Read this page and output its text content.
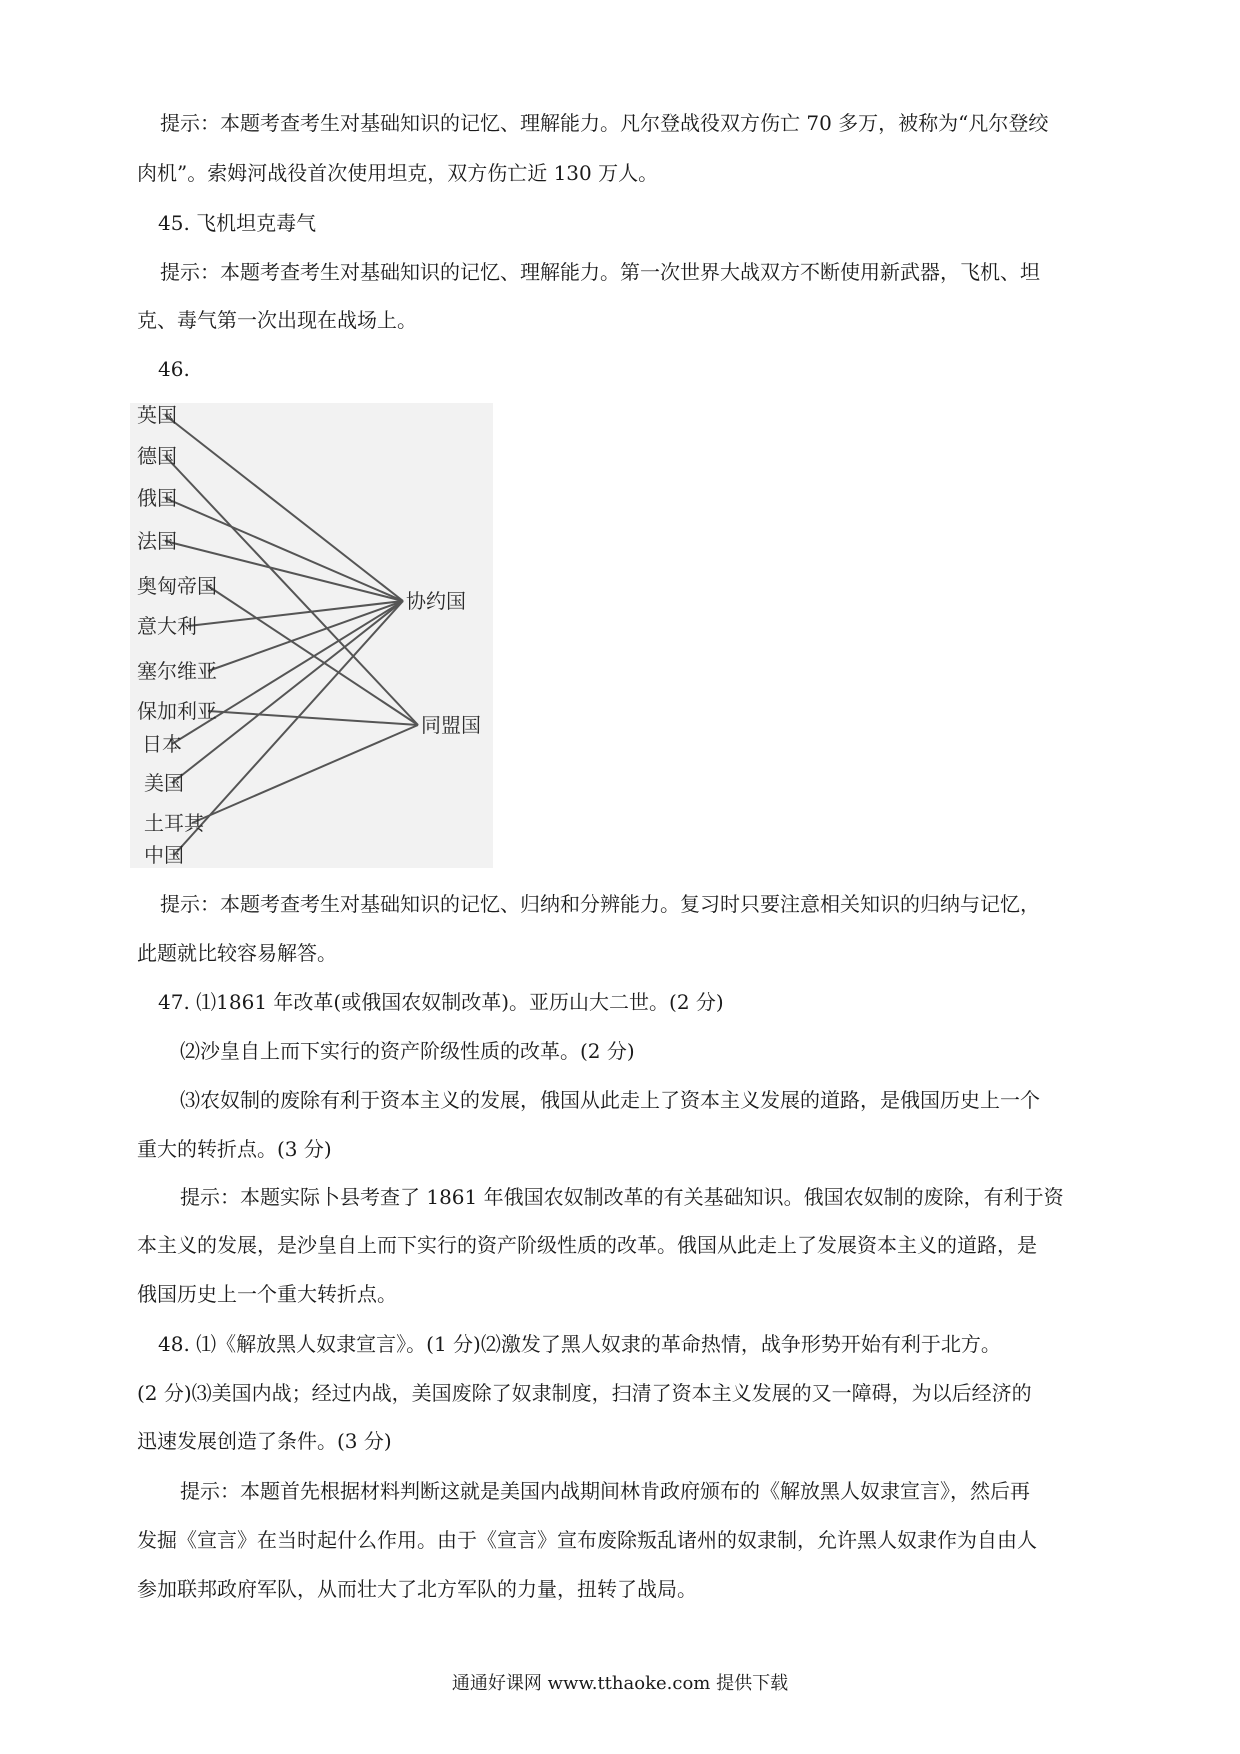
提示：本题考查考生对基础知识的记忆、理解能力。凡尔登战役双方伤亡 70 多万，被称为“凡尔登绞
肉机”。索姆河战役首次使用坦克，双方伤亡近 130 万人。
45. 飞机坦克毒气
提示：本题考查考生对基础知识的记忆、理解能力。第一次世界大战双方不断使用新武器，飞机、坦
克、毒气第一次出现在战场上。
46.
英国
德国
俄国
法国
奥匈帝国
意大利
塞尔维亚
保加利亚
日本
美国
土耳其
中国
协约国
同盟国
提示：本题考查考生对基础知识的记忆、归纳和分辨能力。复习时只要注意相关知识的归纳与记忆，
此题就比较容易解答。
47. ⑴1861 年改革(或俄国农奴制改革)。亚历山大二世。(2 分)
⑵沙皇自上而下实行的资产阶级性质的改革。(2 分)
⑶农奴制的废除有利于资本主义的发展，俄国从此走上了资本主义发展的道路，是俄国历史上一个
重大的转折点。(3 分)
提示：本题实际卜县考查了 1861 年俄国农奴制改革的有关基础知识。俄国农奴制的废除，有利于资
本主义的发展，是沙皇自上而下实行的资产阶级性质的改革。俄国从此走上了发展资本主义的道路，是
俄国历史上一个重大转折点。
48. ⑴《解放黑人奴隶宣言》。(1 分)⑵激发了黑人奴隶的革命热情，战争形势开始有利于北方。
(2 分)⑶美国内战；经过内战，美国废除了奴隶制度，扫清了资本主义发展的又一障碍，为以后经济的
迅速发展创造了条件。(3 分)
提示：本题首先根据材料判断这就是美国内战期间林肯政府颁布的《解放黑人奴隶宣言》，然后再
发掘《宣言》在当时起什么作用。由于《宣言》宣布废除叛乱诸州的奴隶制，允许黑人奴隶作为自由人
参加联邦政府军队，从而壮大了北方军队的力量，扭转了战局。
通通好课网 www.tthaoke.com 提供下载
